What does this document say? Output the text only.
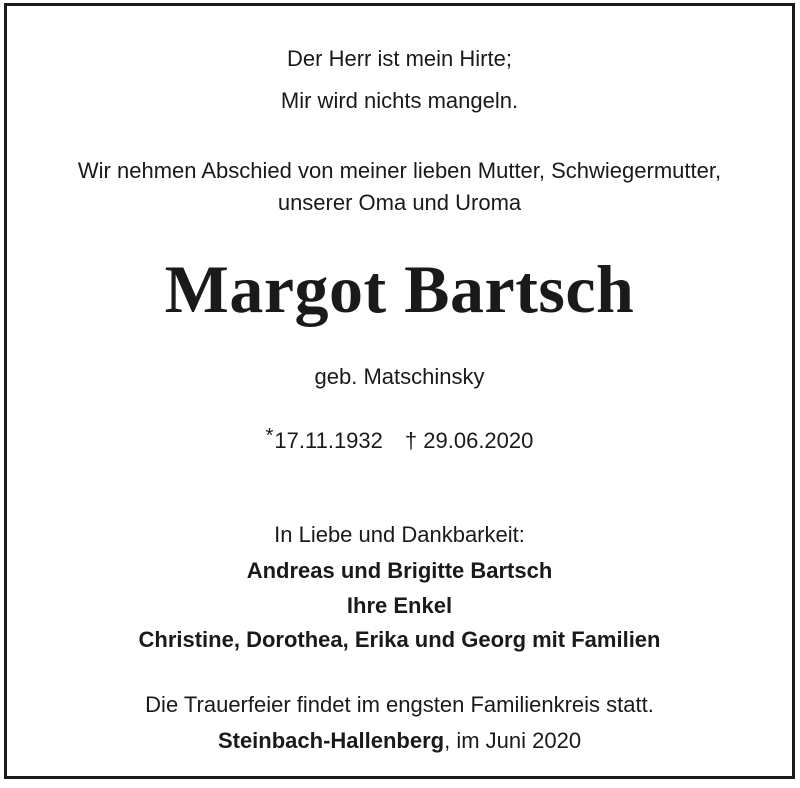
Der Herr ist mein Hirte;
Mir wird nichts mangeln.
Wir nehmen Abschied von meiner lieben Mutter, Schwiegermutter,
unserer Oma und Uroma
Margot Bartsch
geb. Matschinsky
*17.11.1932 † 29.06.2020
In Liebe und Dankbarkeit:
Andreas und Brigitte Bartsch
Ihre Enkel
Christine, Dorothea, Erika und Georg mit Familien
Die Trauerfeier findet im engsten Familienkreis statt.
Steinbach-Hallenberg, im Juni 2020
